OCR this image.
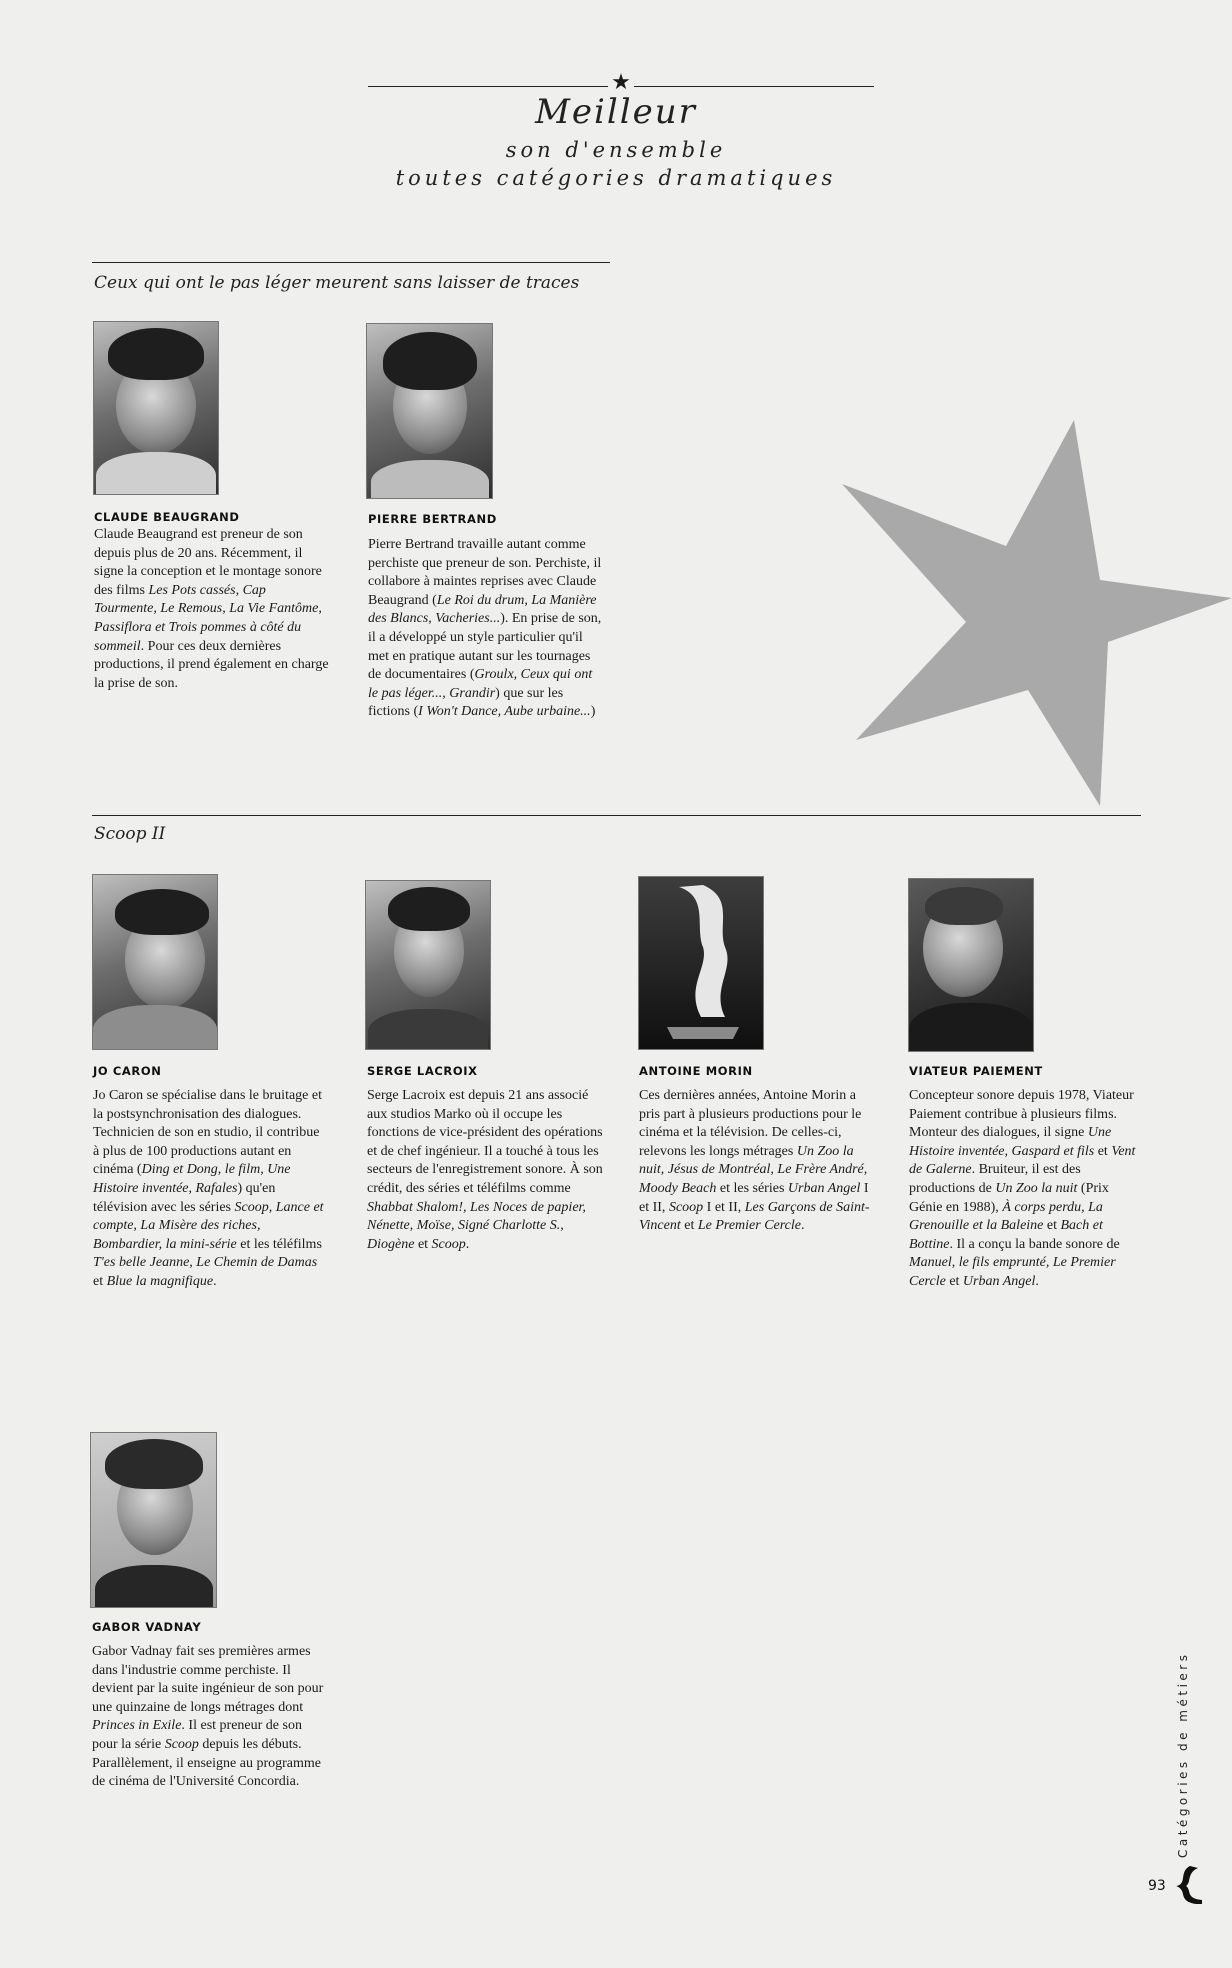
★
Meilleur
son d'ensemble
toutes catégories dramatiques
Ceux qui ont le pas léger meurent sans laisser de traces
CLAUDE BEAUGRAND

Claude Beaugrand est preneur de son depuis plus de 20 ans. Récemment, il signe la conception et le montage sonore des films Les Pots cassés, Cap Tourmente, Le Remous, La Vie Fantôme, Passiflora et Trois pommes à côté du sommeil. Pour ces deux dernières productions, il prend également en charge la prise de son.

PIERRE BERTRAND

Pierre Bertrand travaille autant comme perchiste que preneur de son. Perchiste, il collabore à maintes reprises avec Claude Beaugrand (Le Roi du drum, La Manière des Blancs, Vacheries...). En prise de son, il a développé un style particulier qu'il met en pratique autant sur les tournages de documentaires (Groulx, Ceux qui ont le pas léger..., Grandir) que sur les fictions (I Won't Dance, Aube urbaine...)

Scoop II
JO CARON

Jo Caron se spécialise dans le bruitage et la postsynchronisation des dialogues. Technicien de son en studio, il contribue à plus de 100 productions autant en cinéma (Ding et Dong, le film, Une Histoire inventée, Rafales) qu'en télévision avec les séries Scoop, Lance et compte, La Misère des riches, Bombardier, la mini-série et les téléfilms T'es belle Jeanne, Le Chemin de Damas et Blue la magnifique.

SERGE LACROIX

Serge Lacroix est depuis 21 ans associé aux studios Marko où il occupe les fonctions de vice-président des opérations et de chef ingénieur. Il a touché à tous les secteurs de l'enregistrement sonore. À son crédit, des séries et téléfilms comme Shabbat Shalom!, Les Noces de papier, Nénette, Moïse, Signé Charlotte S., Diogène et Scoop.

ANTOINE MORIN

Ces dernières années, Antoine Morin a pris part à plusieurs productions pour le cinéma et la télévision. De celles-ci, relevons les longs métrages Un Zoo la nuit, Jésus de Montréal, Le Frère André, Moody Beach et les séries Urban Angel I et II, Scoop I et II, Les Garçons de Saint-Vincent et Le Premier Cercle.

VIATEUR PAIEMENT

Concepteur sonore depuis 1978, Viateur Paiement contribue à plusieurs films. Monteur des dialogues, il signe Une Histoire inventée, Gaspard et fils et Vent de Galerne. Bruiteur, il est des productions de Un Zoo la nuit (Prix Génie en 1988), À corps perdu, La Grenouille et la Baleine et Bach et Bottine. Il a conçu la bande sonore de Manuel, le fils emprunté, Le Premier Cercle et Urban Angel.

GABOR VADNAY

Gabor Vadnay fait ses premières armes dans l'industrie comme perchiste. Il devient par la suite ingénieur de son pour une quinzaine de longs métrages dont Princes in Exile. Il est preneur de son pour la série Scoop depuis les débuts. Parallèlement, il enseigne au programme de cinéma de l'Université Concordia.	Catégories de métiers
93
